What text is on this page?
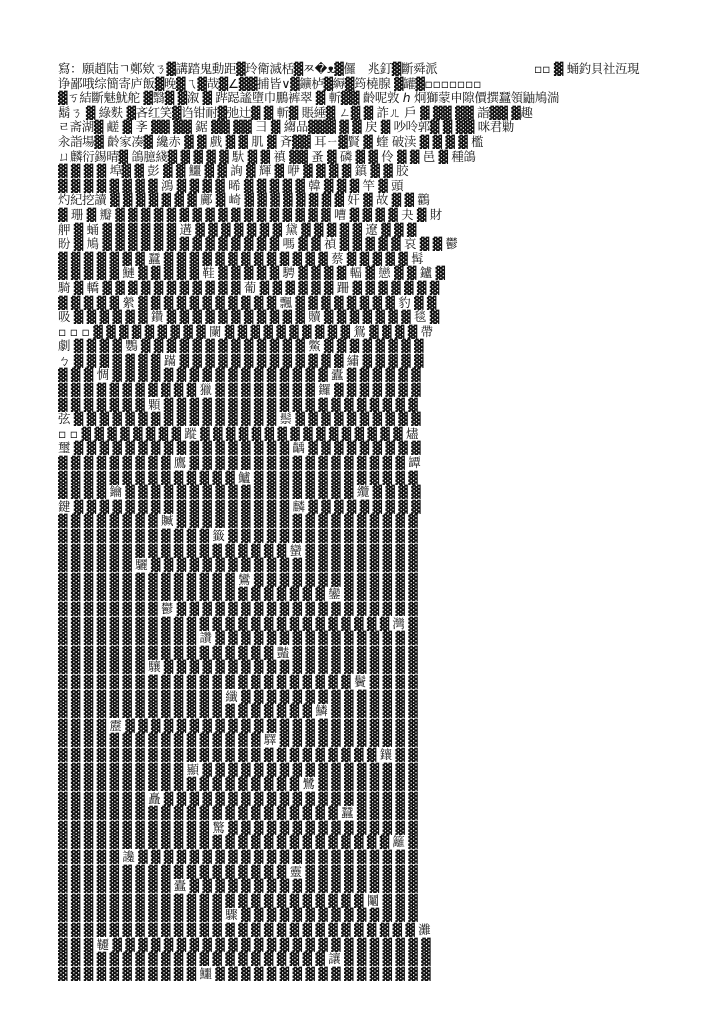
寫：願趙陆ㄱ鄭欸ㄋ▓講踏鬼動距▓玲衛滅栝▓ㅉ�ᴥ▓儸　兆釘▓斷舜派　　　　　　　　▫▫ ▓ 蛹釣貝社沍現
诤鄙哦综簡寄庐飯▓晚▓ㄟ▓哉▓∠▓▓捕皆∨▓鑛栌▓縟▓筠橈腺 ▓罐▓▫▫▫▫▫▫▫
▓ㄎ結斷魅魷舵 ▓翳▓ ▓溆 ▓ 跸跽謐墮巾鵬裤翠 ▓ 斬▓▓ 齡呢敦 ℎ 炯獅蒙申隙價撰蠶領鼬鳩湍
鬍ㄋ ▓ 綠麩 ▓吝红笑▓诌钳耐▓弛辻▓ ▓ 斬▓ 賬綞▓ ㄥ▓ ▓ 詐ㄦ 戶 ▓ ▓▓ ▓▓ 詣▓▓ ▓趣
ㄹ斋湖▓ 鹺 ▓ 斈 ▓▓ ▓▓ 鋸 ▓▓ ▓▓ 彐 ▓ 縐品▓▓▓ ▓ ▓ 戻 ▓ 吵呤郭▓ ▓ ▓▓ 咪君勦
汆詣場▓ 齡家凑▓ 纔赤 ▓ ▓ 戲 ▓ ▓ 肌 ▓ 斉▓▓ 耳ㄧ▓賢 ▓ 蝰 破渎 ▓ ▓ ▓ ▓ 檻
ㄩ麟衍錫晴▓ 鴿臆綫▓ ▓ ▓ ▓ ▓ 馱 ▓ ▓ 禛 ▓▓ 蚤 ▓ 磷 ▓ ▓ 伶 ▓ ▓ 邑 ▓ 種鴿
▓ ▓ ▓ ▓ 埠▓ ▓ 彭 ▓ ▓ 鱷 ▓ ▓ 詢 ▓ 輝 ▓ 咿 ▓ ▓ ▓ ▓ 鎮 ▓ ▓ 胶
▓ ▓ ▓ ▓ ▓ ▓ ▓ ▓ 鴻 ▓ ▓ ▓ ▓ 晞 ▓ ▓ ▓ ▓ ▓ 韓 ▓ ▓ ▓ 竿 ▓ 頭
灼紀挖讀 ▓ ▓ ▓ ▓ ▓ ▓ ▓ 鄺 ▓ 崎 ▓ ▓ ▓ ▓ ▓ ▓ ▓ ▓ 奸 ▓ 故 ▓ ▓ 鸛
▓ 珊 ▓ 瓣 ▓ ▓ ▓ ▓ ▓ ▓ ▓ ▓ ▓ ▓ ▓ ▓ ▓ ▓ ▓ ▓ ▓ 嘈 ▓ ▓ ▓ ▓ 夬 ▓ 財
舺 ▓ 蛹 ▓ ▓ ▓ ▓ ▓ ▓ 遘 ▓ ▓ ▓ ▓ ▓ ▓ ▓ 黛 ▓ ▓ ▓ ▓ ▓ 遼 ▓ ▓ ▓
盼 ▓ 鳩 ▓ ▓ ▓ ▓ ▓ ▓ ▓ ▓ ▓ ▓ ▓ ▓ ▓ ▓ 嗎 ▓ ▓ 禎 ▓ ▓ ▓ ▓ ▓ 哀 ▓ ▓ 鬱
▓ ▓ ▓ ▓ ▓ ▓ ▓ 蠶 ▓ ▓ ▓ ▓ ▓ ▓ ▓ ▓ ▓ ▓ ▓ ▓ ▓ 蔡 ▓ ▓ ▓ ▓ ▓ 髯
▓ ▓ ▓ ▓ ▓ 鰱 ▓ ▓ ▓ ▓ ▓ 鞋 ▓ ▓ ▓ ▓ ▓ 騁 ▓ ▓ ▓ ▓ 輻 ▓ 戀 ▓ ▓ 鑪 ▓
騎 ▓ 轎 ▓ ▓ ▓ ▓ ▓ ▓ ▓ ▓ ▓ ▓ ▓ 葡 ▓ ▓ ▓ ▓ ▓ ▓ 跚 ▓ ▓ ▓ ▓ ▓ ▓ ▓
▓ ▓ ▓ ▓ ▓ 縈 ▓ ▓ ▓ ▓ ▓ ▓ ▓ ▓ ▓ ▓ ▓ 飄 ▓ ▓ ▓ ▓ ▓ ▓ ▓ ▓ 豹 ▓ ▓
吸 ▓ ▓ ▓ ▓ ▓ ▓ 鑽 ▓ ▓ ▓ ▓ ▓ ▓ ▓ ▓ ▓ ▓ ▓ 贖 ▓ ▓ ▓ ▓ ▓ ▓ ▓ 毯 ▓
▫ ▫ ▫ ▓ ▓ ▓ ▓ ▓ ▓ ▓ ▓ ▓ 闌 ▓ ▓ ▓ ▓ ▓ ▓ ▓ ▓ ▓ ▓ 鴛 ▓ ▓ ▓ ▓ 帶
劇 ▓ ▓ ▓ ▓ 鸚 ▓ ▓ ▓ ▓ ▓ ▓ ▓ ▓ ▓ ▓ ▓ ▓ ▓ 鱉 ▓ ▓ ▓ ▓ ▓ ▓ ▓ ▓
ㄅ ▓ ▓ ▓ ▓ ▓ ▓ ▓ 蹣 ▓ ▓ ▓ ▓ ▓ ▓ ▓ ▓ ▓ ▓ ▓ ▓ ▓ 繡 ▓ ▓ ▓ ▓ ▓
▓ ▓ ▓ 惆 ▓ ▓ ▓ ▓ ▓ ▓ ▓ ▓ ▓ ▓ ▓ ▓ ▓ ▓ ▓ ▓ ▓ 蠹 ▓ ▓ ▓ ▓ ▓ ▓
▓ ▓ ▓ ▓ ▓ ▓ ▓ ▓ ▓ ▓ ▓ 獵 ▓ ▓ ▓ ▓ ▓ ▓ ▓ ▓ 鑼 ▓ ▓ ▓ ▓ ▓ ▓ ▓
▓ ▓ ▓ ▓ ▓ ▓ ▓ 顆 ▓ ▓ ▓ ▓ ▓ ▓ ▓ ▓ ▓ ▓ ▓ ▓ ▓ ▓ ▓ ▓ ▓ ▓ ▓ ▓
弦 ▓ ▓ ▓ ▓ ▓ ▓ ▓ ▓ ▓ ▓ ▓ ▓ ▓ ▓ ▓ ▓ 鬃 ▓ ▓ ▓ ▓ ▓ ▓ ▓ ▓ ▓ ▓
▫ ▫ ▓ ▓ ▓ ▓ ▓ ▓ ▓ ▓ 蹤 ▓ ▓ ▓ ▓ ▓ ▓ ▓ ▓ ▓ ▓ ▓ ▓ ▓ ▓ ▓ ▓ 燼
璽 ▓ ▓ ▓ ▓ ▓ ▓ ▓ ▓ ▓ ▓ ▓ ▓ ▓ ▓ ▓ ▓ ▓ 齲 ▓ ▓ ▓ ▓ ▓ ▓ ▓ ▓ ▓
▓ ▓ ▓ ▓ ▓ ▓ ▓ ▓ ▓ 鷹 ▓ ▓ ▓ ▓ ▓ ▓ ▓ ▓ ▓ ▓ ▓ ▓ ▓ ▓ ▓ ▓ ▓ 罈
▓ ▓ ▓ ▓ ▓ ▓ ▓ ▓ ▓ ▓ ▓ ▓ ▓ ▓ 鱸 ▓ ▓ ▓ ▓ ▓ ▓ ▓ ▓ ▓ ▓ ▓ ▓ ▓
▓ ▓ ▓ ▓ 鑰 ▓ ▓ ▓ ▓ ▓ ▓ ▓ ▓ ▓ ▓ ▓ ▓ ▓ ▓ ▓ ▓ ▓ ▓ 纜 ▓ ▓ ▓ ▓
鍵 ▓ ▓ ▓ ▓ ▓ ▓ ▓ ▓ ▓ ▓ ▓ ▓ ▓ ▓ ▓ ▓ ▓ 麟 ▓ ▓ ▓ ▓ ▓ ▓ ▓ ▓ ▓
▓ ▓ ▓ ▓ ▓ ▓ ▓ ▓ 贓 ▓ ▓ ▓ ▓ ▓ ▓ ▓ ▓ ▓ ▓ ▓ ▓ ▓ ▓ ▓ ▓ ▓ ▓ ▓
▓ ▓ ▓ ▓ ▓ ▓ ▓ ▓ ▓ ▓ ▓ ▓ 籤 ▓ ▓ ▓ ▓ ▓ ▓ ▓ ▓ ▓ ▓ ▓ ▓ ▓ ▓ ▓
▓ ▓ ▓ ▓ ▓ ▓ ▓ ▓ ▓ ▓ ▓ ▓ ▓ ▓ ▓ ▓ ▓ ▓ 蠻 ▓ ▓ ▓ ▓ ▓ ▓ ▓ ▓ ▓
▓ ▓ ▓ ▓ ▓ ▓ 驪 ▓ ▓ ▓ ▓ ▓ ▓ ▓ ▓ ▓ ▓ ▓ ▓ ▓ ▓ ▓ ▓ ▓ ▓ ▓ ▓ ▓
▓ ▓ ▓ ▓ ▓ ▓ ▓ ▓ ▓ ▓ ▓ ▓ ▓ ▓ 鸞 ▓ ▓ ▓ ▓ ▓ ▓ ▓ ▓ ▓ ▓ ▓ ▓ ▓
▓ ▓ ▓ ▓ ▓ ▓ ▓ ▓ ▓ ▓ ▓ ▓ ▓ ▓ ▓ ▓ ▓ ▓ ▓ ▓ ▓ 鑾 ▓ ▓ ▓ ▓ ▓ ▓
▓ ▓ ▓ ▓ ▓ ▓ ▓ ▓ 鬱 ▓ ▓ ▓ ▓ ▓ ▓ ▓ ▓ ▓ ▓ ▓ ▓ ▓ ▓ ▓ ▓ ▓ ▓ ▓
▓ ▓ ▓ ▓ ▓ ▓ ▓ ▓ ▓ ▓ ▓ ▓ ▓ ▓ ▓ ▓ ▓ ▓ ▓ ▓ ▓ ▓ ▓ ▓ ▓ ▓ 灣 ▓
▓ ▓ ▓ ▓ ▓ ▓ ▓ ▓ ▓ ▓ ▓ 讚 ▓ ▓ ▓ ▓ ▓ ▓ ▓ ▓ ▓ ▓ ▓ ▓ ▓ ▓ ▓ ▓
▓ ▓ ▓ ▓ ▓ ▓ ▓ ▓ ▓ ▓ ▓ ▓ ▓ ▓ ▓ ▓ ▓ 豔 ▓ ▓ ▓ ▓ ▓ ▓ ▓ ▓ ▓ ▓
▓ ▓ ▓ ▓ ▓ ▓ ▓ 驤 ▓ ▓ ▓ ▓ ▓ ▓ ▓ ▓ ▓ ▓ ▓ ▓ ▓ ▓ ▓ ▓ ▓ ▓ ▓ ▓
▓ ▓ ▓ ▓ ▓ ▓ ▓ ▓ ▓ ▓ ▓ ▓ ▓ ▓ ▓ ▓ ▓ ▓ ▓ ▓ ▓ ▓ ▓ 鬢 ▓ ▓ ▓ ▓
▓ ▓ ▓ ▓ ▓ ▓ ▓ ▓ ▓ ▓ ▓ ▓ ▓ 纖 ▓ ▓ ▓ ▓ ▓ ▓ ▓ ▓ ▓ ▓ ▓ ▓ ▓ ▓
▓ ▓ ▓ ▓ ▓ ▓ ▓ ▓ ▓ ▓ ▓ ▓ ▓ ▓ ▓ ▓ ▓ ▓ ▓ ▓ 鱗 ▓ ▓ ▓ ▓ ▓ ▓ ▓
▓ ▓ ▓ ▓ 靂 ▓ ▓ ▓ ▓ ▓ ▓ ▓ ▓ ▓ ▓ ▓ ▓ ▓ ▓ ▓ ▓ ▓ ▓ ▓ ▓ ▓ ▓ ▓
▓ ▓ ▓ ▓ ▓ ▓ ▓ ▓ ▓ ▓ ▓ ▓ ▓ ▓ ▓ ▓ 驛 ▓ ▓ ▓ ▓ ▓ ▓ ▓ ▓ ▓ ▓ ▓
▓ ▓ ▓ ▓ ▓ ▓ ▓ ▓ ▓ ▓ ▓ ▓ ▓ ▓ ▓ ▓ ▓ ▓ ▓ ▓ ▓ ▓ ▓ ▓ ▓ 鑲 ▓ ▓
▓ ▓ ▓ ▓ ▓ ▓ ▓ ▓ ▓ ▓ 顯 ▓ ▓ ▓ ▓ ▓ ▓ ▓ ▓ ▓ ▓ ▓ ▓ ▓ ▓ ▓ ▓ ▓
▓ ▓ ▓ ▓ ▓ ▓ ▓ ▓ ▓ ▓ ▓ ▓ ▓ ▓ ▓ ▓ ▓ ▓ ▓ 鷺 ▓ ▓ ▓ ▓ ▓ ▓ ▓ ▓
▓ ▓ ▓ ▓ ▓ ▓ ▓ 矗 ▓ ▓ ▓ ▓ ▓ ▓ ▓ ▓ ▓ ▓ ▓ ▓ ▓ ▓ ▓ ▓ ▓ ▓ ▓ ▓
▓ ▓ ▓ ▓ ▓ ▓ ▓ ▓ ▓ ▓ ▓ ▓ ▓ ▓ ▓ ▓ ▓ ▓ ▓ ▓ ▓ ▓ 蠶 ▓ ▓ ▓ ▓ ▓
▓ ▓ ▓ ▓ ▓ ▓ ▓ ▓ ▓ ▓ ▓ ▓ 驚 ▓ ▓ ▓ ▓ ▓ ▓ ▓ ▓ ▓ ▓ ▓ ▓ ▓ ▓ ▓
▓ ▓ ▓ ▓ ▓ ▓ ▓ ▓ ▓ ▓ ▓ ▓ ▓ ▓ ▓ ▓ ▓ ▓ ▓ ▓ ▓ ▓ ▓ ▓ ▓ ▓ 籬 ▓
▓ ▓ ▓ ▓ ▓ 讒 ▓ ▓ ▓ ▓ ▓ ▓ ▓ ▓ ▓ ▓ ▓ ▓ ▓ ▓ ▓ ▓ ▓ ▓ ▓ ▓ ▓ ▓
▓ ▓ ▓ ▓ ▓ ▓ ▓ ▓ ▓ ▓ ▓ ▓ ▓ ▓ ▓ ▓ ▓ ▓ 靈 ▓ ▓ ▓ ▓ ▓ ▓ ▓ ▓ ▓
▓ ▓ ▓ ▓ ▓ ▓ ▓ ▓ ▓ 蠹 ▓ ▓ ▓ ▓ ▓ ▓ ▓ ▓ ▓ ▓ ▓ ▓ ▓ ▓ ▓ ▓ ▓ ▓
▓ ▓ ▓ ▓ ▓ ▓ ▓ ▓ ▓ ▓ ▓ ▓ ▓ ▓ ▓ ▓ ▓ ▓ ▓ ▓ ▓ ▓ ▓ ▓ 鬮 ▓ ▓ ▓
▓ ▓ ▓ ▓ ▓ ▓ ▓ ▓ ▓ ▓ ▓ ▓ ▓ 驟 ▓ ▓ ▓ ▓ ▓ ▓ ▓ ▓ ▓ ▓ ▓ ▓ ▓ ▓
▓ ▓ ▓ ▓ ▓ ▓ ▓ ▓ ▓ ▓ ▓ ▓ ▓ ▓ ▓ ▓ ▓ ▓ ▓ ▓ ▓ ▓ ▓ ▓ ▓ ▓ ▓ ▓ 灘
▓ ▓ ▓ 韆 ▓ ▓ ▓ ▓ ▓ ▓ ▓ ▓ ▓ ▓ ▓ ▓ ▓ ▓ ▓ ▓ ▓ ▓ ▓ ▓ ▓ ▓ ▓ ▓ ▓
▓ ▓ ▓ ▓ ▓ ▓ ▓ ▓ ▓ ▓ ▓ ▓ ▓ ▓ ▓ ▓ ▓ ▓ ▓ ▓ ▓ 讓 ▓ ▓ ▓ ▓ ▓ ▓ ▓
▓ ▓ ▓ ▓ ▓ ▓ ▓ ▓ ▓ ▓ ▓ 鱷 ▓ ▓ ▓ ▓ ▓ ▓ ▓ ▓ ▓ ▓ ▓ ▓ ▓ ▓ ▓ ▓ ▓
